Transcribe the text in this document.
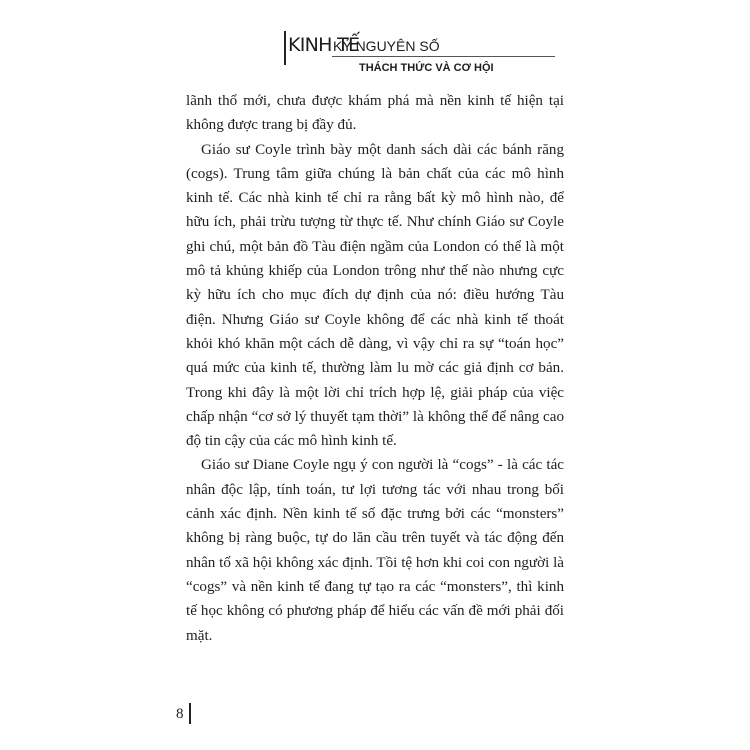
KINH TẾ
KỶ NGUYÊN SỐ
THÁCH THỨC VÀ CƠ HỘI

lãnh thổ mới, chưa được khám phá mà nền kinh tế hiện tại không được trang bị đầy đủ.

Giáo sư Coyle trình bày một danh sách dài các bánh răng (cogs). Trung tâm giữa chúng là bản chất của các mô hình kinh tế. Các nhà kinh tế chỉ ra rằng bất kỳ mô hình nào, để hữu ích, phải trừu tượng từ thực tế. Như chính Giáo sư Coyle ghi chú, một bản đồ Tàu điện ngầm của London có thể là một mô tả khủng khiếp của London trông như thế nào nhưng cực kỳ hữu ích cho mục đích dự định của nó: điều hướng Tàu điện. Nhưng Giáo sư Coyle không để các nhà kinh tế thoát khỏi khó khăn một cách dễ dàng, vì vậy chỉ ra sự “toán học” quá mức của kinh tế, thường làm lu mờ các giả định cơ bản. Trong khi đây là một lời chỉ trích hợp lệ, giải pháp của việc chấp nhận “cơ sở lý thuyết tạm thời” là không thể để nâng cao độ tin cậy của các mô hình kinh tế.

Giáo sư Diane Coyle ngụ ý con người là “cogs” - là các tác nhân độc lập, tính toán, tư lợi tương tác với nhau trong bối cảnh xác định. Nền kinh tế số đặc trưng bởi các “monsters” không bị ràng buộc, tự do lăn cầu trên tuyết và tác động đến nhân tố xã hội không xác định. Tồi tệ hơn khi coi con người là “cogs” và nền kinh tế đang tự tạo ra các “monsters”, thì kinh tế học không có phương pháp để hiểu các vấn đề mới phải đối mặt.

8
